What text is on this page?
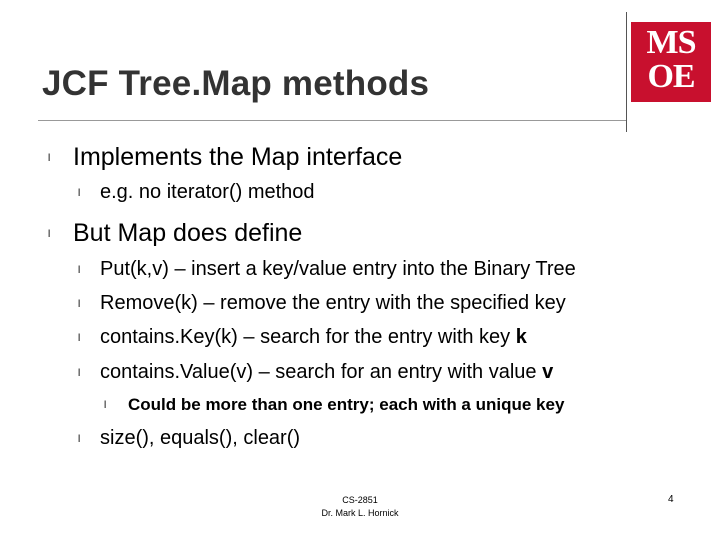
JCF Tree.Map methods
MS
OE
l Implements the Map interface
l e.g. no iterator() method
l But Map does define
l Put(k,v) – insert a key/value entry into the Binary Tree
l Remove(k) – remove the entry with the specified key
l contains.Key(k) – search for the entry with key k
l contains.Value(v) – search for an entry with value v
l Could be more than one entry; each with a unique key
l size(), equals(), clear()
CS-2851
Dr. Mark L. Hornick
4
